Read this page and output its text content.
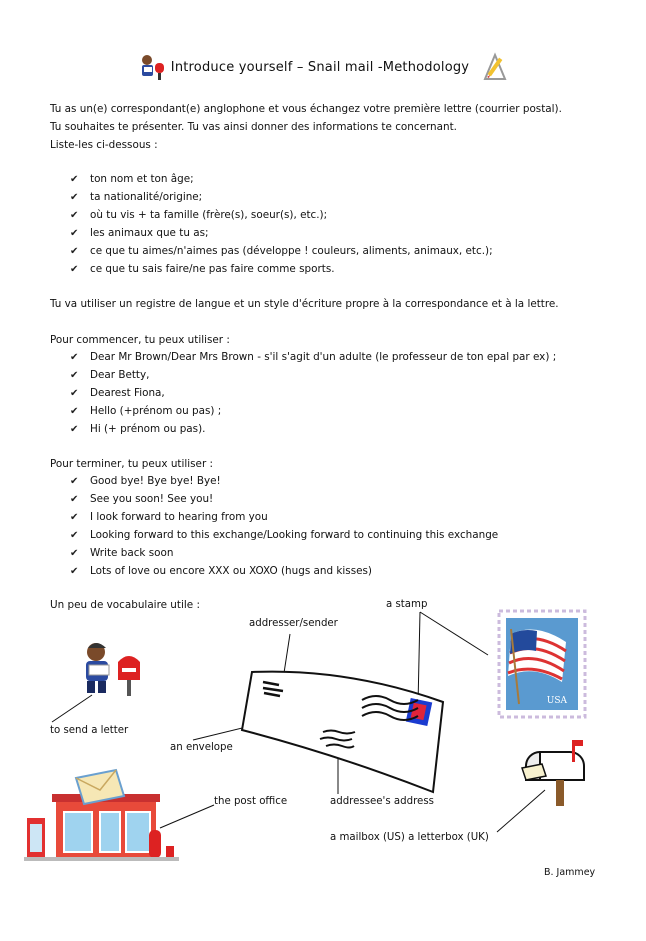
Introduce yourself – Snail mail -Methodology
Tu as un(e) correspondant(e) anglophone et vous échangez votre première lettre (courrier postal).
Tu souhaites te présenter. Tu vas ainsi donner des informations te concernant.
Liste-les ci-dessous :
✔ ton nom et ton âge;
✔ ta nationalité/origine;
✔ où tu vis + ta famille (frère(s), soeur(s), etc.);
✔ les animaux que tu as;
✔ ce que tu aimes/n'aimes pas (développe ! couleurs, aliments, animaux, etc.);
✔ ce que tu sais faire/ne pas faire comme sports.
Tu va utiliser un registre de langue et un style d'écriture propre à la correspondance et à la lettre.
Pour commencer, tu peux utiliser :
✔ Dear Mr Brown/Dear Mrs Brown - s'il s'agit d'un adulte (le professeur de ton epal par ex) ;
✔ Dear Betty,
✔ Dearest Fiona,
✔ Hello (+prénom ou pas) ;
✔ Hi (+ prénom ou pas).
Pour terminer, tu peux utiliser :
✔ Good bye! Bye bye! Bye!
✔ See you soon! See you!
✔ I look forward to hearing from you
✔ Looking forward to this exchange/Looking forward to continuing this exchange
✔ Write back soon
✔ Lots of love ou encore XXX ou XOXO (hugs and kisses)
Un peu de vocabulaire utile :
USA
a stamp
addresser/sender
to send a letter
an envelope
the post office	addressee's address
a mailbox (US) a letterbox (UK)
B. Jammey
